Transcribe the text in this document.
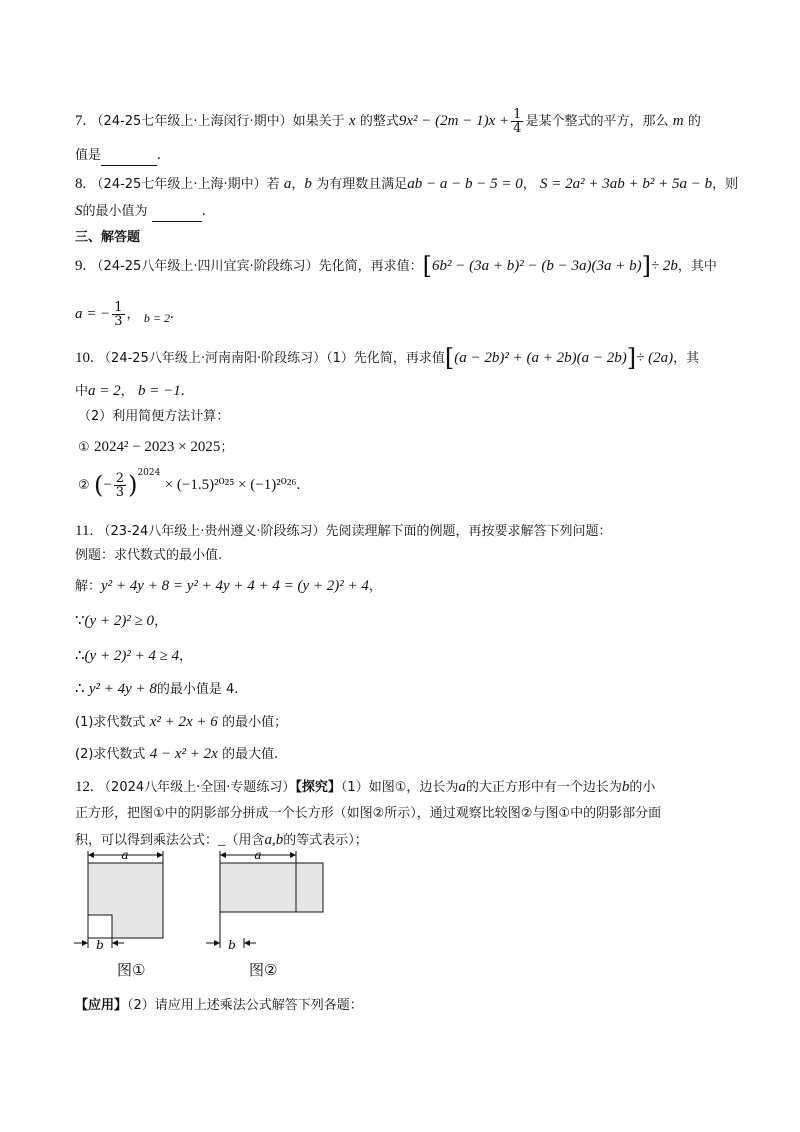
7. （24-25七年级上·上海闵行·期中）如果关于 x 的整式$9x^2 - (2m - 1)x + \frac{1}{4}$ 是某个整式的平方，那么 m 的
值是	.
8. （24-25七年级上·上海·期中）若 a，b 为有理数且满足ab − a − b − 5 = 0， S = 2a² + 3ab + b² + 5a − b，则
S的最小值为	.
三、解答题
9. （24-25八年级上·四川宜宾·阶段练习）先化简，再求值：[6b² − (3a + b)² − (b − 3a)(3a + b)]÷ 2b，其中
a = − $\frac{1}{3}$ ， b = 2.
10. （24-25八年级上·河南南阳·阶段练习）（1）先化简，再求值[(a − 2b)² + (a + 2b)(a − 2b)]÷ (2a)，其
中a = 2， b = −1.
（2）利用简便方法计算：
① 2024² − 2023 × 2025；
② (− $\frac{2}{3} )^{2024} \times (-1.5)^{2025} \times (-1)^{2026}$.
11. （23-24八年级上·贵州遵义·阶段练习）先阅读理解下面的例题，再按要求解答下列问题：
例题：求代数式的最小值.
解：y² + 4y + 8 = y² + 4y + 4 + 4 = (y + 2)² + 4，
∵(y + 2)² ≥ 0，
∴(y + 2)² + 4 ≥ 4，
∴ y² + 4y + 8的最小值是 4.
(1)求代数式 x² + 2x + 6 的最小值；
(2)求代数式 4 − x² + 2x 的最大值.
12. （2024八年级上·全国·专题练习）【探究】（1）如图①，边长为a的大正方形中有一个边长为b的小
正方形，把图①中的阴影部分拼成一个长方形（如图②所示），通过观察比较图②与图①中的阴影部分面
积，可以得到乘法公式：_（用含a,b的等式表示）；
a
b
图①
a
b
图②
【应用】（2）请应用上述乘法公式解答下列各题：
